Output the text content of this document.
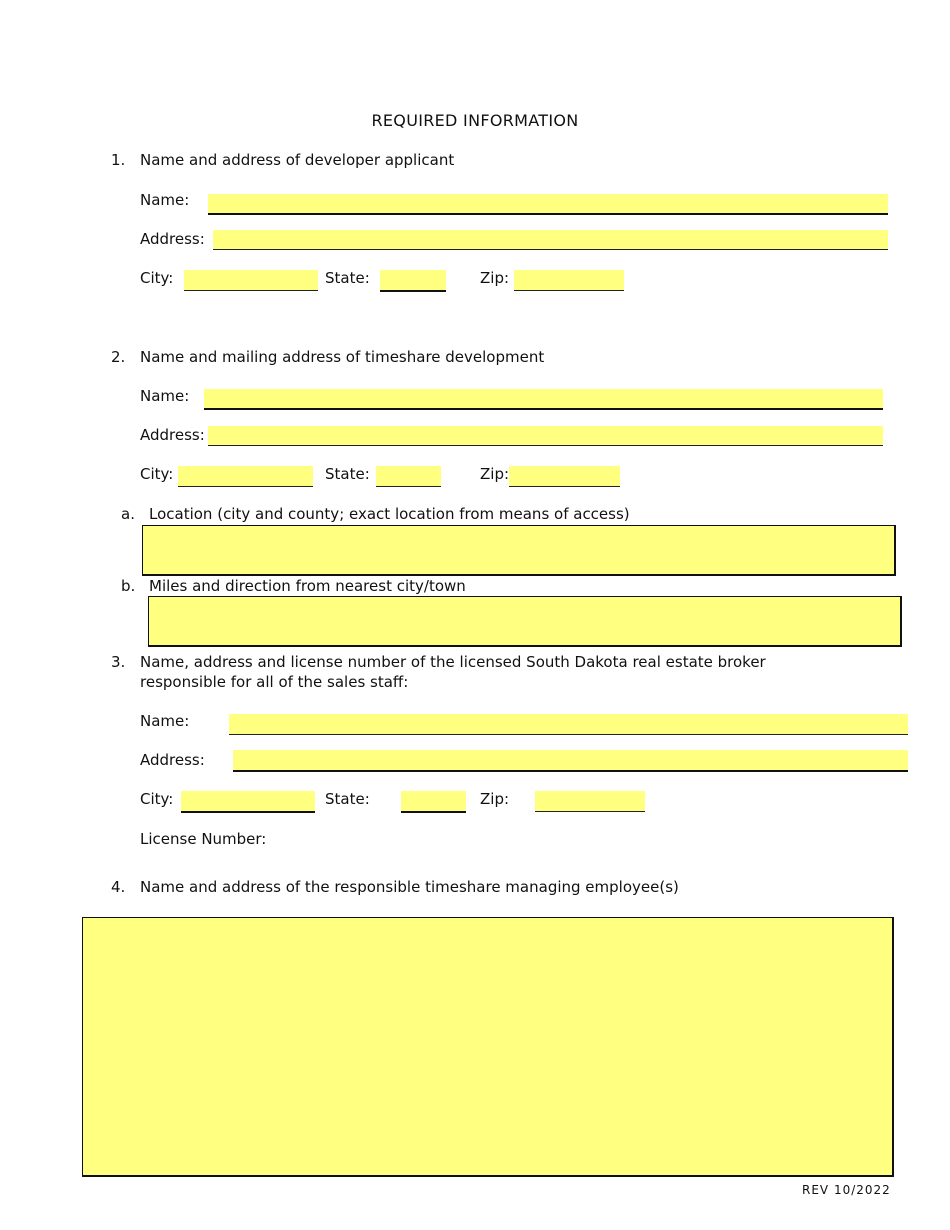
REQUIRED INFORMATION
1. Name and address of developer applicant
Name:
Address:
City:	State:	Zip:
2. Name and mailing address of timeshare development
Name:
Address:
City:	State:	Zip:
a. Location (city and county; exact location from means of access)
b. Miles and direction from nearest city/town
3. Name, address and license number of the licensed South Dakota real estate broker
responsible for all of the sales staff:
Name:
Address:
City:	State:	Zip:
License Number:
4. Name and address of the responsible timeshare managing employee(s)
REV 10/2022
